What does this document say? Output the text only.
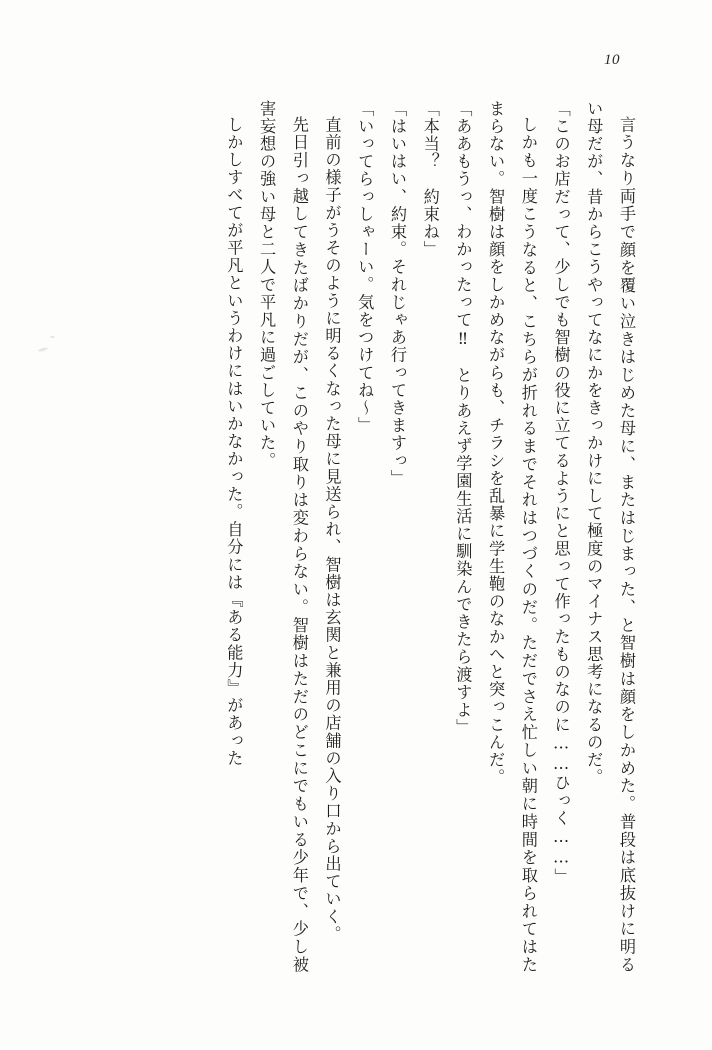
10

言うなり両手で顔を覆い泣きはじめた母に、またはじまった、と智樹は顔をしかめた。普段は底抜けに明るい母だが、昔からこうやってなにかをきっかけにして極度のマイナス思考になるのだ。

「このお店だって、少しでも智樹の役に立てるようにと思って作ったものなのに……ひっく……」

しかも一度こうなると、こちらが折れるまでそれはつづくのだ。ただでさえ忙しい朝に時間を取られてはたまらない。智樹は顔をしかめながらも、チラシを乱暴に学生鞄のなかへと突っこんだ。

「ああもうっ、わかったって‼　とりあえず学園生活に馴染んできたら渡すよ」

「本当？　約束ね」

「はいはい、約束。それじゃあ行ってきますっ」

「いってらっしゃーい。気をつけてね～」

直前の様子がうそのように明るくなった母に見送られ、智樹は玄関と兼用の店舗の入り口から出ていく。

先日引っ越してきたばかりだが、このやり取りは変わらない。智樹はただのどこにでもいる少年で、少し被害妄想の強い母と二人で平凡に過ごしていた。

しかしすべてが平凡というわけにはいかなかった。自分には『ある能力』があった
